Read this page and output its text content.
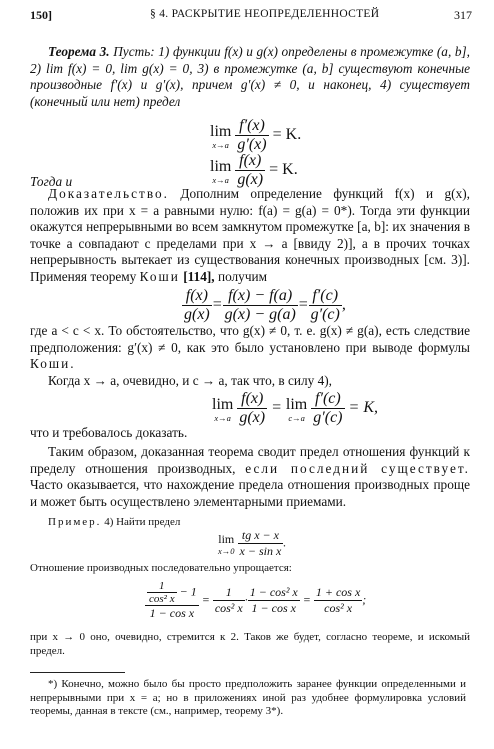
150]	§ 4. РАСКРЫТИЕ НЕОПРЕДЕЛЕННОСТЕЙ	317

Теорема 3. Пусть: 1) функции f(x) и g(x) определены в промежутке (a, b], 2) lim f(x) = 0, lim g(x) = 0, 3) в промежутке (a, b] существуют конечные производные f′(x) и g′(x), причем g′(x) ≠ 0, и наконец, 4) существует (конечный или нет) предел

lim
x→a
$\frac{f'(x)}{g'(x)} = K$.
Тогда и
lim
x→a
$\frac{f(x)}{g(x)} = K$.

Доказательство. Дополним определение функций f(x) и g(x), положив их при x = a равными нулю: f(a) = g(a) = 0*). Тогда эти функции окажутся непрерывными во всем замкнутом промежутке [a, b]: их значения в точке a совпадают с пределами при x → a [ввиду 2)], а в прочих точках непрерывность вытекает из существования конечных производных [см. 3)]. Применяя теорему Коши [114], получим

$\frac{f(x)}{g(x)} = \frac{f(x) - f(a)}{g(x) - g(a)} = \frac{f'(c)}{g'(c)}$ ,

где a < c < x. То обстоятельство, что g(x) ≠ 0, т. е. g(x) ≠ g(a), есть следствие предположения: g′(x) ≠ 0, как это было установлено при выводе формулы Коши.

Когда x → a, очевидно, и c → a, так что, в силу 4),

lim
x→a
$\frac{f(x)}{g(x)} = \lim$
c→a
$\frac{f'(c)}{g'(c)} = K$,

что и требовалось доказать.

Таким образом, доказанная теорема сводит предел отношения функций к пределу отношения производных, если последний существует. Часто оказывается, что нахождение предела отношения производных проще и может быть осуществлено элементарными приемами.

Пример. 4) Найти предел

lim
x→0
$\frac{\text{tg x − x}}{\text{x − sin x}}$ .

Отношение производных последовательно упрощается:

$\frac{\frac{1}{\text{cos² x}} - 1}{\text{1 − cos x}} = \frac{1}{\text{cos² x}} \cdot \frac{\text{1 − cos² x}}{\text{1 − cos x}} = \frac{\text{1 + cos x}}{\text{cos² x}}$ ;

при x → 0 оно, очевидно, стремится к 2. Таков же будет, согласно теореме, и искомый предел.

*) Конечно, можно было бы просто предположить заранее функции определенными и непрерывными при x = a; но в приложениях иной раз удобнее формулировка условий теоремы, данная в тексте (см., например, теорему 3*).
